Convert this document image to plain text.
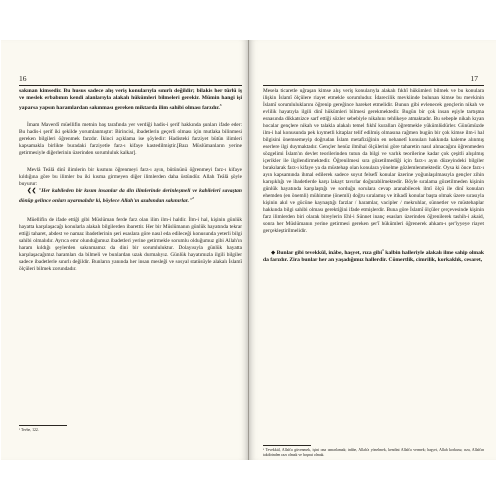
16

sakınan kimsedir. Bu husus sadece alış veriş konularıyla sınırlı değildir; bilakis her türlü iş ve meslek erbabının kendi alanlarıyla alakalı hükümleri bilmeleri gerekir. Mümin hangi işi yaparsa yapsın haramlardan sakınması gereken miktarda ilim sahibi olması farzdır.$^3$

İmam Maverdî müellifin metnin baş tarafında yer verdiği hadis-i şerif hakkında şunları ifade eder: Bu hadis-i şerif iki şekilde yorumlanmıştır: Birincisi, ibadetlerin geçerli olması için mutlaka bilinmesi gereken bilgileri öğrenmek farzdır. İkinci açıklama ise şöyledir: Hadisteki farziyet bütün ilimleri kapsamakla birlikte buradaki farziyetle farz-ı kifaye kastedilmiştir.[Bazı Müslümanların yerine getirmesiyle diğerlerinin üzerinden sorumluluk kalkar].

Mevlâ Teâlâ dinî ilimlerin bir kısmını öğrenmeyi farz-ı ayın, bütününü öğrenmeyi farz-ı kifaye kıldığına göre bu ilimler bu iki kısma girmeyen diğer ilimlerden daha üstündür. Allah Teâlâ şöyle buyurur:

❮❮ "Her kabileden bir kısım insanlar da din ilimlerinde derinleşmeli ve kabilelerî savaştan dönüp gelince onları uyarmalıdır ki, böylece Allah'ın azabından sakınırlar."$^2$

Müellifin de ifade ettiği gibi Müslüman ferde farz olan ilim ilm-i haldir. İlm-i hal, kişinin günlük hayatta karşılaşacağı konularla alakalı bilgilerden ibarettir. Her bir Müslümanın günlük hayatında tekrar ettiği taharet, abdest ve namaz ibadetlerinin şeri esaslara göre nasıl eda edileceği konusunda yeterli bilgi sahibi olmalıdır. Ayrıca emr olunduğumuz ibadetleri yerine getirmekle sorumlu olduğumuz gibi Allah'ın haram kıldığı şeylerden sakınmamız da dini bir sorumluluktur. Dolayısıyla günlük hayatta karşılaşacağımız haramları da bilmeli ve bunlardan uzak durmalıyız. Günlük hayatımızla ilgili bilgiler sadece ibadetlerle sınırlı değildir. Bunların yanında her insan mesleği ve sosyal statüsüyle alakalı İslamî ölçüleri bilmek zorundadır.

² Tevbe, 122.
17

Mesela ticaretle uğraşan kimse alış veriş konularıyla alakalı fıkhî hükümleri bilmek ve bu konulara ilişkin İslamî ölçülere riayet etmekle sorumludur. İdarecilik mevkiinde bulunan kimse bu mevkinin İslamî sorumluluklarını öğrenip gereğince hareket etmelidir. Bunun gibi evlenecek gençlerin nikah ve evlilik hayatıyla ilgili dinî hükümleri bilmesi gerekmektedir. Bugün bir çok insan eşiyle tartışma esnasında dikkatsizce sarf ettiği sözler sebebiyle nikahını tehlikeye atmaktadır. Bu sebeple nikah kıyan hocalar gençlere nikah ve talakla alakalı temel fıkhî kuralları öğretmekle yükümlüdürler. Günümüzde ilm-i hal konusunda pek kıymetli kitaplar telif edilmiş olmasına rağmen bugün bir çok kimse ilm-i hal bilgisini önemsemeyip doğrudan İslam metafiziğinin en nehanetî konuları hakkında kaleme alınmış eserlere ilgi duymaktadır. Gençler henüz ilmihal ölçülerini göre taharetin nasıl alınacağını öğrenmeden sözgelimi İslam'ın devlet teorilerinden tutun da bilgi ve varlık teorilerine kadar çok çeşitli alışılmış içerikler ile ilgilendirmektedir. Öğrenilmesi sıra gözetilmediği için farz-ı ayın düzeyindeki bilgiler bırakılarak farz-ı kifaye ya da müstehap olan konulara yönelme gözlemlenmektedir. Oysa ki önce farz-ı ayın kapsamında ihmal edilerek sadece soyut felsefî konular üzerine yoğunlaşılmasıyla gençler zihin karışıklığı ve ibadetlerde karşı lakayt tavırlar doğurabilmektedir. Böyle sıralama gözetilmeden kişinin günlük hayatında karşılaştığı ve sorduğu sorulara cevap aranabilecek ilmî ölçü ile dinî konuları ehemden (en önemli) mühimme (önemli) doğru sıralamış ve itikadî konular başta olmak üzere sırasıyla kişinin akıl ve gücüne kaynaştığı farzlar / haramlar, vacipler / mekruhlar, sünnetler ve müstehaplar hakkında bilgi sahibi olması gerektiğini ifade etmişlerdir. Buna göre İslamî ölçüler çerçevesinde kişinin farz ilimlerden biri olarak bireylerin Ehl-i Sünnet inanç esasları üzerinden öğrenilerek tashih-i akaid, sonra her Müslümanın yerine getirmesi gereken şer'î hükümleri öğrenerek ahkam-ı şer'iyyeye riayet gerçekleştirilmelidir.

◆ Bunlar gibi tevekkül, inâbe, haşyet, rıza gibi$^1$ kalbin halleriyle alakalı ilme sahip olmak da farzdır. Zira bunlar her an yaşadığımız hallerdir. Cömertlik, cimrilik, korkaklık, cesaret,

¹ Tevekkül, Allah'a güvenmek, işini ona ısmarlamak; inâbe, Allah'a yönelmek, kendini Allah'a vermek; haşyet, Allah korkusu; rıza, Allah'ın takdirinden razı olmak ve hoşnut olmak.
